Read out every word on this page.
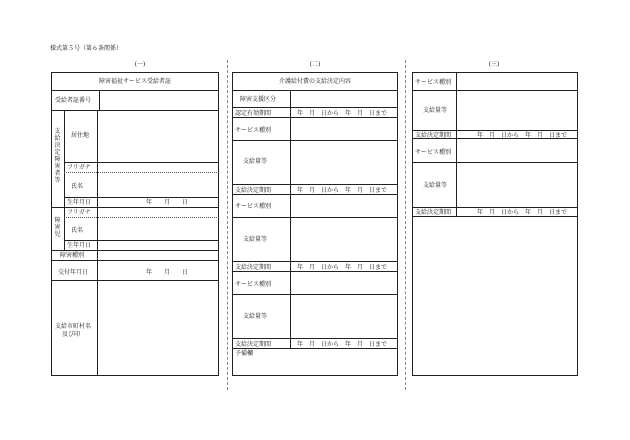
様式第５号（第６条関係）
(一)	(二)	(三)
障害福祉サービス受給者証
受給者証番号
支給決定障害者等
居住地
フリガナ
氏名
生年月日	年　　月　　日
障害児
フリガナ
氏名
生年月日
障害種別
交付年月日	年　　月　　日
支給市町村名
及び印
介護給付費の支給決定内容
障害支援区分
認定有効期間	年　月　日から　年　月　日まで
サービス種別
支給量等
支給決定期間	年　月　日から　年　月　日まで
サービス種別
支給量等
支給決定期間	年　月　日から　年　月　日まで
サービス種別
支給量等
支給決定期間	年　月　日から　年　月　日まで
予備欄
サービス種別
支給量等
支給決定期間	年　月　日から　年　月　日まで
サービス種別
支給量等
支給決定期間	年　月　日から　年　月　日まで
